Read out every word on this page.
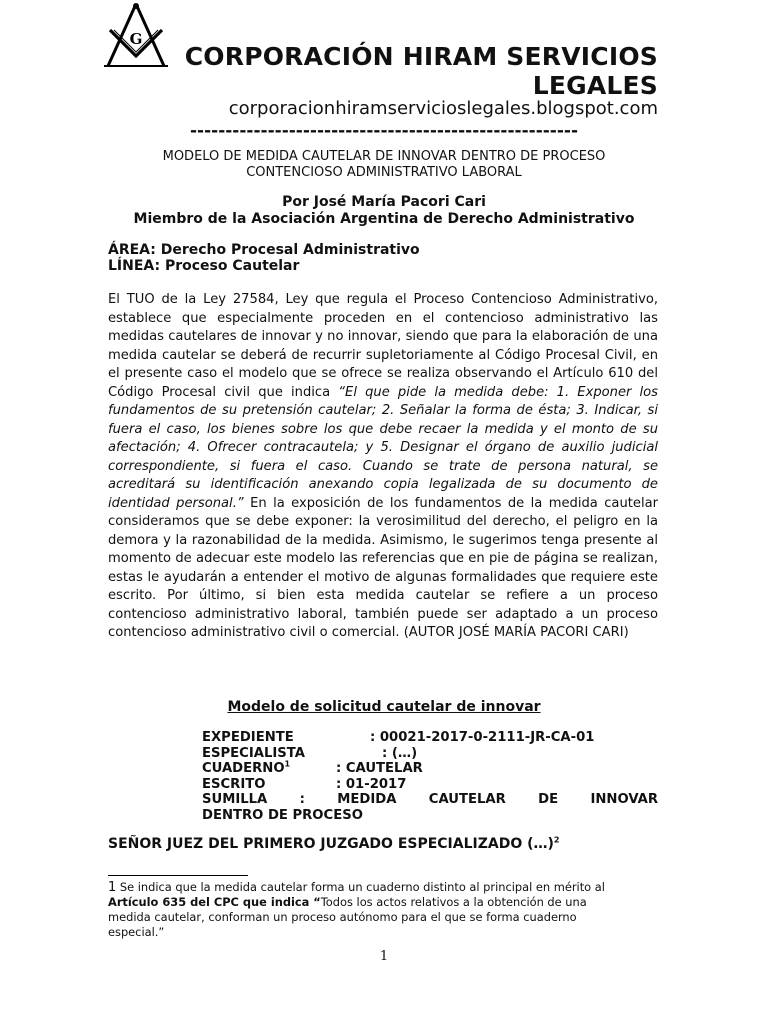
G
CORPORACIÓN HIRAM SERVICIOS
LEGALES
corporacionhiramservicioslegales.blogspot.com
-------------------------------------------------------
MODELO DE MEDIDA CAUTELAR DE INNOVAR DENTRO DE PROCESO
CONTENCIOSO ADMINISTRATIVO LABORAL
Por José María Pacori Cari
Miembro de la Asociación Argentina de Derecho Administrativo
ÁREA: Derecho Procesal Administrativo
LÍNEA: Proceso Cautelar
El TUO de la Ley 27584, Ley que regula el Proceso Contencioso Administrativo, establece que especialmente proceden en el contencioso administrativo las medidas cautelares de innovar y no innovar, siendo que para la elaboración de una medida cautelar se deberá de recurrir supletoriamente al Código Procesal Civil, en el presente caso el modelo que se ofrece se realiza observando el Artículo 610 del Código Procesal civil que indica “El que pide la medida debe: 1. Exponer los fundamentos de su pretensión cautelar; 2. Señalar la forma de ésta; 3. Indicar, si fuera el caso, los bienes sobre los que debe recaer la medida y el monto de su afectación; 4. Ofrecer contracautela; y 5. Designar el órgano de auxilio judicial correspondiente, si fuera el caso. Cuando se trate de persona natural, se acreditará su identificación anexando copia legalizada de su documento de identidad personal.” En la exposición de los fundamentos de la medida cautelar consideramos que se debe exponer: la verosimilitud del derecho, el peligro en la demora y la razonabilidad de la medida. Asimismo, le sugerimos tenga presente al momento de adecuar este modelo las referencias que en pie de página se realizan, estas le ayudarán a entender el motivo de algunas formalidades que requiere este escrito. Por último, si bien esta medida cautelar se refiere a un proceso contencioso administrativo laboral, también puede ser adaptado a un proceso contencioso administrativo civil o comercial. (AUTOR JOSÉ MARÍA PACORI CARI)
Modelo de solicitud cautelar de innovar
EXPEDIENTE	: 00021-2017-0-2111-JR-CA-01
ESPECIALISTA	: (…)
CUADERNO$^1$	: CAUTELAR
ESCRITO	: 01-2017
SUMILLA : MEDIDA CAUTELAR DE INNOVAR
DENTRO DE PROCESO
SEÑOR JUEZ DEL PRIMERO JUZGADO ESPECIALIZADO (…)$^2$
1 Se indica que la medida cautelar forma un cuaderno distinto al principal en mérito al Artículo 635 del CPC que indica “Todos los actos relativos a la obtención de una medida cautelar, conforman un proceso autónomo para el que se forma cuaderno especial.”
1
